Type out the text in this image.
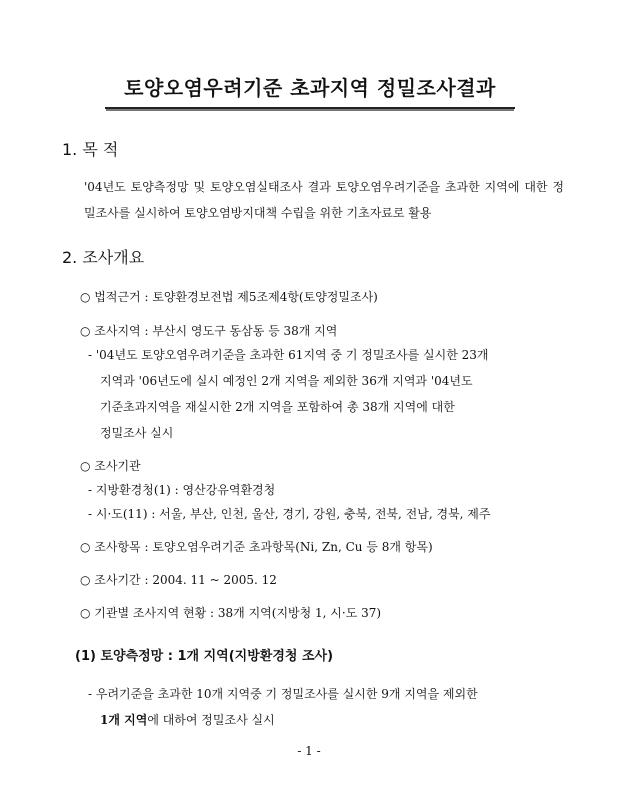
토양오염우려기준 초과지역 정밀조사결과
1. 목 적
'04년도 토양측정망 및 토양오염실태조사 결과 토양오염우려기준을 초과한 지역에 대한 정밀조사를 실시하여 토양오염방지대책 수립을 위한 기초자료로 활용
2. 조사개요
○ 법적근거 : 토양환경보전법 제5조제4항(토양정밀조사)
○ 조사지역 : 부산시 영도구 동삼동 등 38개 지역
- '04년도 토양오염우려기준을 초과한 61지역 중 기 정밀조사를 실시한 23개
지역과 '06년도에 실시 예정인 2개 지역을 제외한 36개 지역과 '04년도
기준초과지역을 재실시한 2개 지역을 포함하여 총 38개 지역에 대한
정밀조사 실시
○ 조사기관
- 지방환경청(1) : 영산강유역환경청
- 시·도(11) : 서울, 부산, 인천, 울산, 경기, 강원, 충북, 전북, 전남, 경북, 제주
○ 조사항목 : 토양오염우려기준 초과항목(Ni, Zn, Cu 등 8개 항목)
○ 조사기간 : 2004. 11 ~ 2005. 12
○ 기관별 조사지역 현황 : 38개 지역(지방청 1, 시·도 37)
(1) 토양측정망 : 1개 지역(지방환경청 조사)
- 우려기준을 초과한 10개 지역중 기 정밀조사를 실시한 9개 지역을 제외한
1개 지역에 대하여 정밀조사 실시
- 1 -
